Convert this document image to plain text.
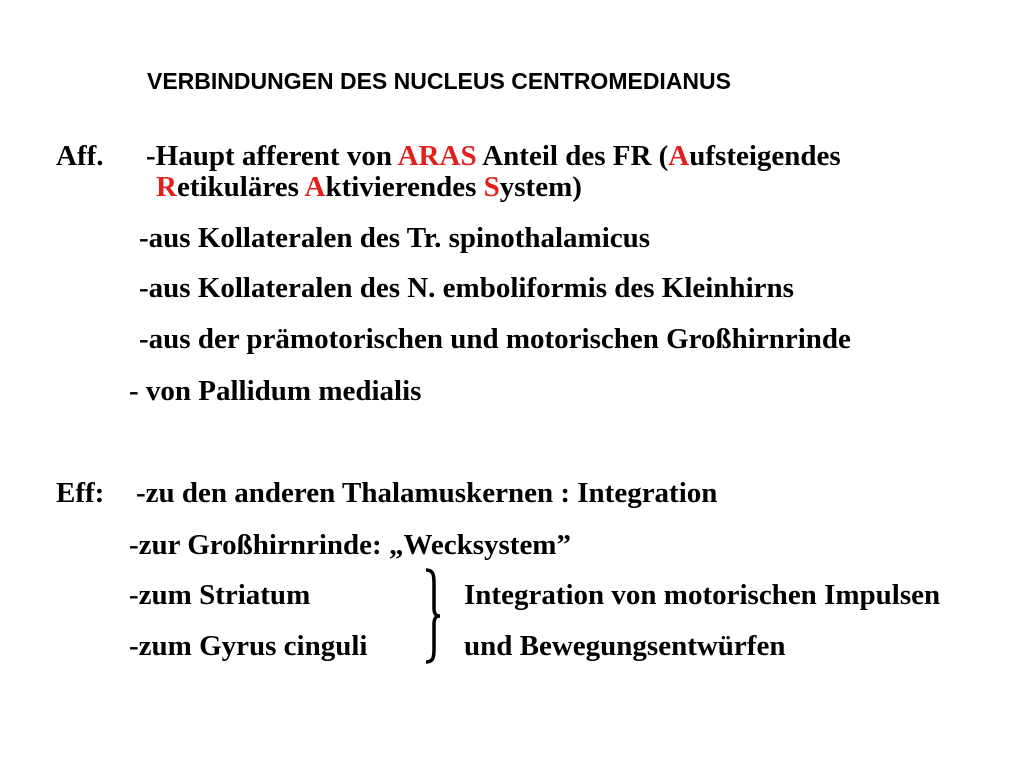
VERBINDUNGEN DES NUCLEUS CENTROMEDIANUS
Aff. -Haupt afferent von ARAS Anteil des FR (Aufsteigendes
Retikuläres Aktivierendes System)
-aus Kollateralen des Tr. spinothalamicus
-aus Kollateralen des N. emboliformis des Kleinhirns
-aus der prämotorischen und motorischen Großhirnrinde
- von Pallidum medialis
Eff: -zu den anderen Thalamuskernen : Integration
-zur Großhirnrinde: „Wecksystem”
-zum Striatum
-zum Gyrus cinguli
Integration von motorischen Impulsen
und Bewegungsentwürfen
